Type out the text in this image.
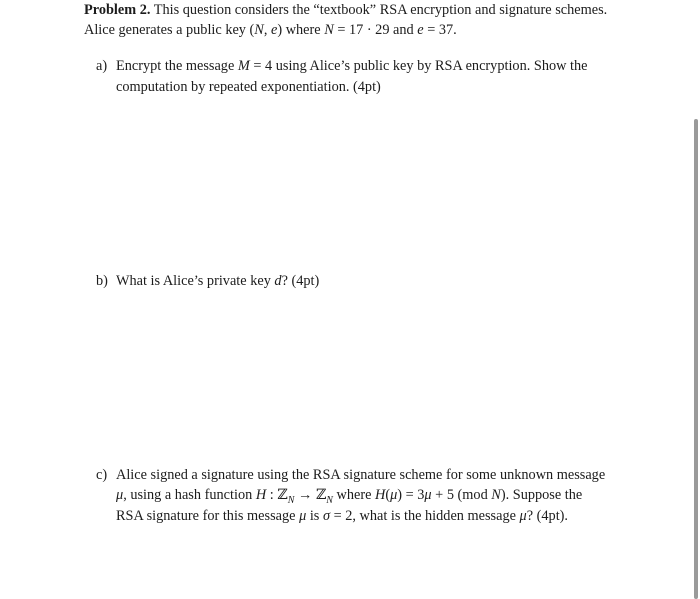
Problem 2. This question considers the “textbook” RSA encryption and signature schemes.
Alice generates a public key (N, e) where N = 17 · 29 and e = 37.
a) Encrypt the message M = 4 using Alice’s public key by RSA encryption. Show the
computation by repeated exponentiation. (4pt)
b) What is Alice’s private key d? (4pt)
c) Alice signed a signature using the RSA signature scheme for some unknown message
μ, using a hash function H : ℤ$_N$ → ℤ$_N$ where H(μ) = 3μ + 5 (mod N). Suppose the
RSA signature for this message μ is σ = 2, what is the hidden message μ? (4pt).
